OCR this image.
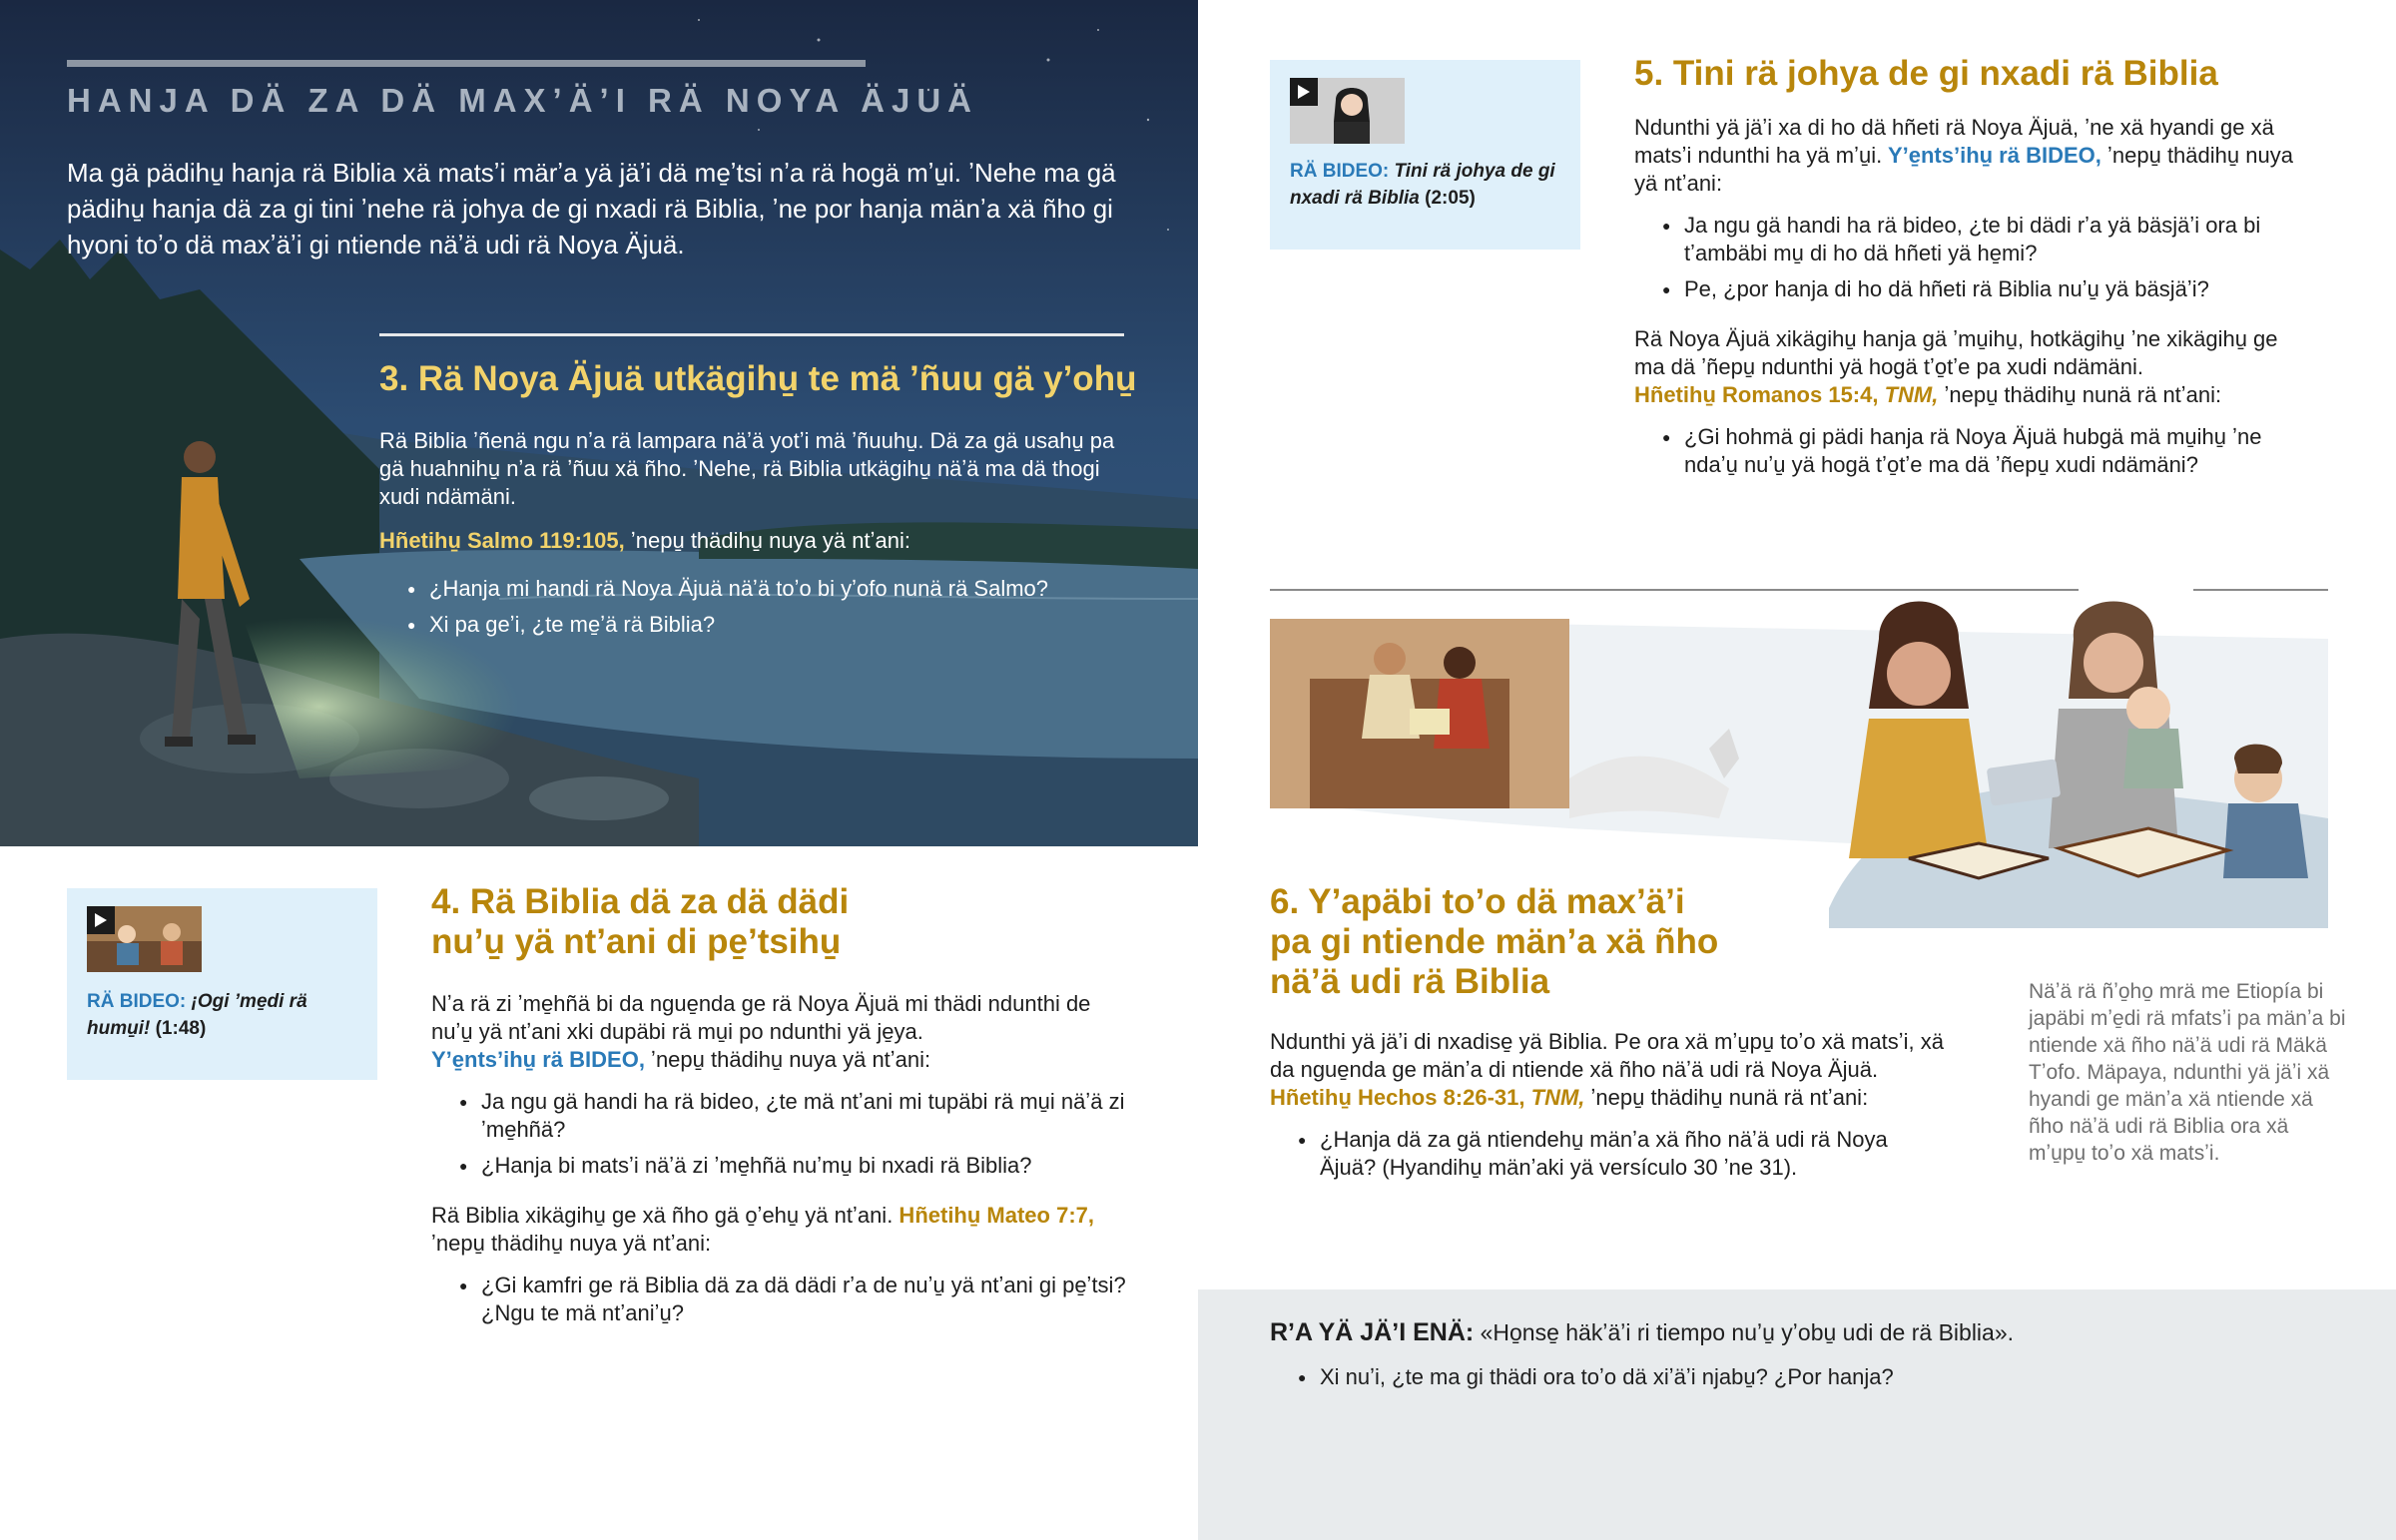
HANJA DÄ ZA DÄ MAXʼÄʼI RÄ NOYA ÄJUÄ

Ma gä pädihu̱ hanja rä Biblia xä matsʼi märʼa yä jäʼi dä me̱ʼtsi nʼa rä hogä mʼu̱i. ʼNehe ma gä pädihu̱ hanja dä za gi tini ʼnehe rä johya de gi nxadi rä Biblia, ʼne por hanja mänʼa xä ñho gi hyoni toʼo dä maxʼäʼi gi ntiende näʼä udi rä Noya Äjuä.

3. Rä Noya Äjuä utkägihu̱ te mä ʼñuu gä yʼohu̱

Rä Biblia ʼñenä ngu nʼa rä lampara näʼä yotʼi mä ʼñuuhu̱. Dä za gä usahu̱ pa gä huahnihu̱ nʼa rä ʼñuu xä ñho. ʼNehe, rä Biblia utkägihu̱ näʼä ma dä thogi xudi ndämäni.

Hñetihu̱ Salmo 119:105, ʼnepu̱ thädihu̱ nuya yä ntʼani:

● ¿Hanja mi handi rä Noya Äjuä näʼä toʼo bi yʼofo nunä rä Salmo?
● Xi pa geʼi, ¿te me̱ʼä rä Biblia?
RÄ BIDEO: ¡Ogi ʼme̱di rä humu̱i! (1:48)
4. Rä Biblia dä za dä dädi nuʼu̱ yä ntʼani di pe̱ʼtsihu̱

Nʼa rä zi ʼme̱hñä bi da ngue̱nda ge rä Noya Äjuä mi thädi ndunthi de nuʼu̱ yä ntʼani xki dupäbi rä mu̱i po ndunthi yä je̱ya.
Yʼe̱ntsʼihu̱ rä BIDEO, ʼnepu̱ thädihu̱ nuya yä ntʼani:

● Ja ngu gä handi ha rä bideo, ¿te mä ntʼani mi tupäbi rä mu̱i näʼä zi ʼme̱hñä?
● ¿Hanja bi matsʼi näʼä zi ʼme̱hñä nuʼmu̱ bi nxadi rä Biblia?

Rä Biblia xikägihu̱ ge xä ñho gä o̱ʼehu̱ yä ntʼani. Hñetihu̱ Mateo 7:7, ʼnepu̱ thädihu̱ nuya yä ntʼani:

● ¿Gi kamfri ge rä Biblia dä za dä dädi rʼa de nuʼu̱ yä ntʼani gi pe̱ʼtsi? ¿Ngu te mä ntʼaniʼu̱?
RÄ BIDEO: Tini rä johya de gi nxadi rä Biblia (2:05)
5. Tini rä johya de gi nxadi rä Biblia

Ndunthi yä jäʼi xa di ho dä hñeti rä Noya Äjuä, ʼne xä hyandi ge xä matsʼi ndunthi ha yä mʼu̱i. Yʼe̱ntsʼihu̱ rä BIDEO, ʼnepu̱ thädihu̱ nuya yä ntʼani:

● Ja ngu gä handi ha rä bideo, ¿te bi dädi rʼa yä bäsjäʼi ora bi tʼambäbi mu̱ di ho dä hñeti yä he̱mi?
● Pe, ¿por hanja di ho dä hñeti rä Biblia nuʼu̱ yä bäsjäʼi?

Rä Noya Äjuä xikägihu̱ hanja gä ʼmu̱ihu̱, hotkägihu̱ ʼne xikägihu̱ ge ma dä ʼñepu̱ ndunthi yä hogä tʼo̱tʼe pa xudi ndämäni.
Hñetihu̱ Romanos 15:4, TNM, ʼnepu̱ thädihu̱ nunä rä ntʼani:

● ¿Gi hohmä gi pädi hanja rä Noya Äjuä hubgä mä mu̱ihu̱ ʼne ndaʼu̱ nuʼu̱ yä hogä tʼo̱tʼe ma dä ʼñepu̱ xudi ndämäni?
Näʼä rä ñʼo̱ho̱ mrä me Etiopía bi japäbi mʼe̱di rä mfatsʼi pa mänʼa bi ntiende xä ñho näʼä udi rä Mäkä Tʼofo. Mäpaya, ndunthi yä jäʼi xä hyandi ge mänʼa xä ntiende xä ñho näʼä udi rä Biblia ora xä mʼu̱pu̱ toʼo xä matsʼi.
6. Yʼapäbi toʼo dä maxʼäʼi pa gi ntiende mänʼa xä ñho näʼä udi rä Biblia

Ndunthi yä jäʼi di nxadise̱ yä Biblia. Pe ora xä mʼu̱pu̱ toʼo xä matsʼi, xä da ngue̱nda ge mänʼa di ntiende xä ñho näʼä udi rä Noya Äjuä.
Hñetihu̱ Hechos 8:26-31, TNM, ʼnepu̱ thädihu̱ nunä rä ntʼani:

● ¿Hanja dä za gä ntiendehu̱ mänʼa xä ñho näʼä udi rä Noya Äjuä? (Hyandihu̱ mänʼaki yä versículo 30 ʼne 31).

RʼA YÄ JÄʼI ENÄ: «Ho̱nse̱ häkʼäʼi ri tiempo nuʼu̱ yʼobu̱ udi de rä Biblia».

● Xi nuʼi, ¿te ma gi thädi ora toʼo dä xiʼäʼi njabu̱? ¿Por hanja?
